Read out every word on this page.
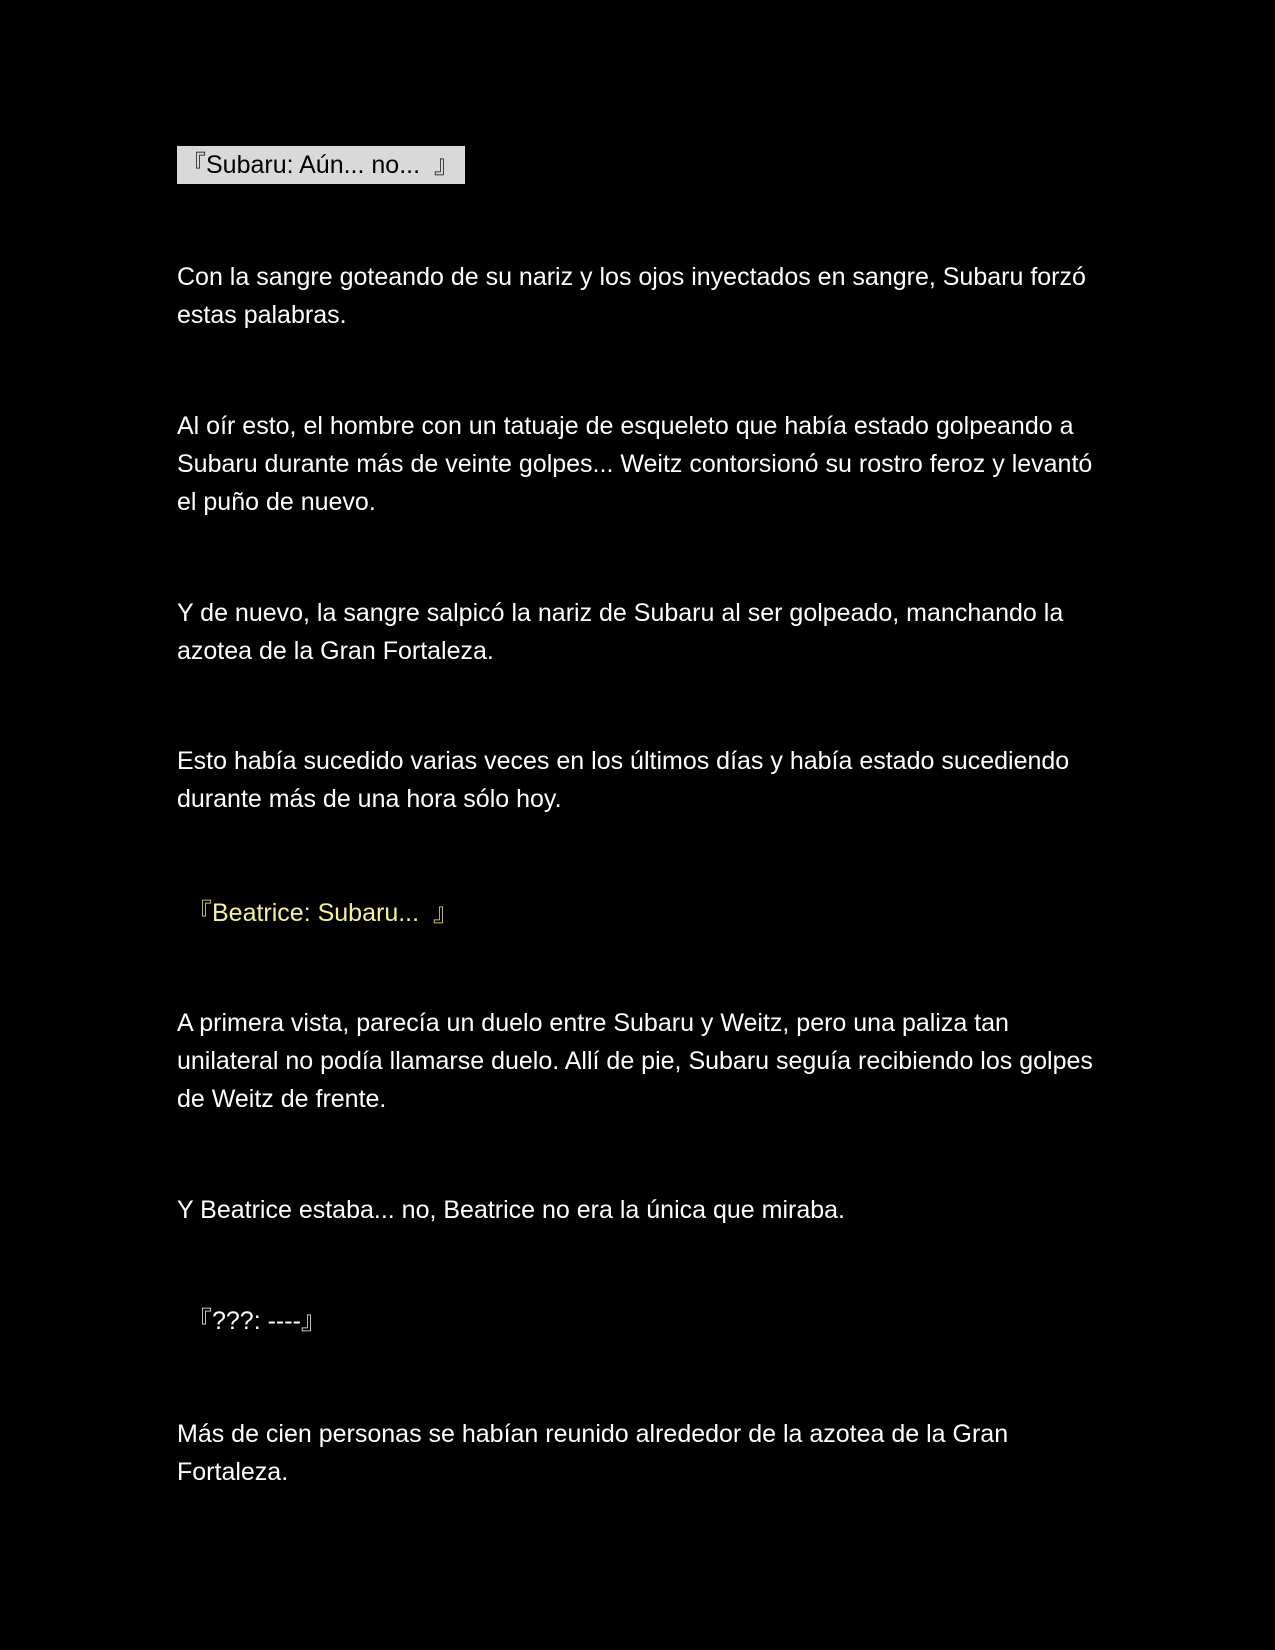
『Subaru: Aún... no...  』
Con la sangre goteando de su nariz y los ojos inyectados en sangre, Subaru forzó estas palabras.
Al oír esto, el hombre con un tatuaje de esqueleto que había estado golpeando a Subaru durante más de veinte golpes... Weitz contorsionó su rostro feroz y levantó el puño de nuevo.
Y de nuevo, la sangre salpicó la nariz de Subaru al ser golpeado, manchando la azotea de la Gran Fortaleza.
Esto había sucedido varias veces en los últimos días y había estado sucediendo durante más de una hora sólo hoy.
『Beatrice: Subaru...  』
A primera vista, parecía un duelo entre Subaru y Weitz, pero una paliza tan unilateral no podía llamarse duelo. Allí de pie, Subaru seguía recibiendo los golpes de Weitz de frente.
Y Beatrice estaba... no, Beatrice no era la única que miraba.
『???: ----』
Más de cien personas se habían reunido alrededor de la azotea de la Gran Fortaleza.
